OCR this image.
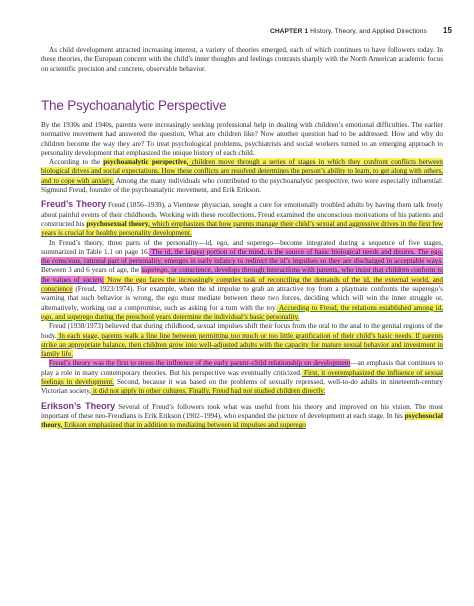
CHAPTER 1 History, Theory, and Applied Directions 15

As child development attracted increasing interest, a variety of theories emerged, each of which continues to have followers today. In these theories, the European concern with the child’s inner thoughts and feelings contrasts sharply with the North American academic focus on scientific precision and concrete, observable behavior.

The Psychoanalytic Perspective

By the 1930s and 1940s, parents were increasingly seeking professional help in dealing with children’s emotional difficulties. The earlier normative movement had answered the question, What are children like? Now another question had to be addressed: How and why do children become the way they are? To treat psychological problems, psychiatrists and social workers turned to an emerging approach to personality development that emphasized the unique history of each child.

According to the psychoanalytic perspective, children move through a series of stages in which they confront conflicts between biological drives and social expectations. How these conflicts are resolved determines the person’s ability to learn, to get along with others, and to cope with anxiety. Among the many individuals who contributed to the psychoanalytic perspective, two were especially influential: Sigmund Freud, founder of the psychoanalytic movement, and Erik Erikson.

Freud’s Theory Freud (1856–1939), a Viennese physician, sought a cure for emotionally troubled adults by having them talk freely about painful events of their childhoods. Working with these recollections, Freud examined the unconscious motivations of his patients and constructed his psychosexual theory, which emphasizes that how parents manage their child’s sexual and aggressive drives in the first few years is crucial for healthy personality development.

In Freud’s theory, three parts of the personality—id, ego, and superego—become integrated during a sequence of five stages, summarized in Table 1.1 on page 16. The id, the largest portion of the mind, is the source of basic biological needs and desires. The ego, the conscious, rational part of personality, emerges in early infancy to redirect the id’s impulses so they are discharged in acceptable ways. Between 3 and 6 years of age, the superego, or conscience, develops through interactions with parents, who insist that children conform to the values of society. Now the ego faces the increasingly complex task of reconciling the demands of the id, the external world, and conscience (Freud, 1923/1974). For example, when the id impulse to grab an attractive toy from a playmate confronts the superego’s warning that such behavior is wrong, the ego must mediate between these two forces, deciding which will win the inner struggle or, alternatively, working out a compromise, such as asking for a turn with the toy. According to Freud, the relations established among id, ego, and superego during the preschool years determine the individual’s basic personality.

Freud (1938/1973) believed that during childhood, sexual impulses shift their focus from the oral to the anal to the genital regions of the body. In each stage, parents walk a fine line between permitting too much or too little gratification of their child’s basic needs. If parents strike an appropriate balance, then children grow into well-adjusted adults with the capacity for mature sexual behavior and investment in family life.

Freud’s theory was the first to stress the influence of the early parent–child relationship on development—an emphasis that continues to play a role in many contemporary theories. But his perspective was eventually criticized. First, it overemphasized the influence of sexual feelings in development. Second, because it was based on the problems of sexually repressed, well-to-do adults in nineteenth-century Victorian society, it did not apply in other cultures. Finally, Freud had not studied children directly.

Erikson’s Theory Several of Freud’s followers took what was useful from his theory and improved on his vision. The most important of these neo-Freudians is Erik Erikson (1902–1994), who expanded the picture of development at each stage. In his psychosocial theory, Erikson emphasized that in addition to mediating between id impulses and superego
